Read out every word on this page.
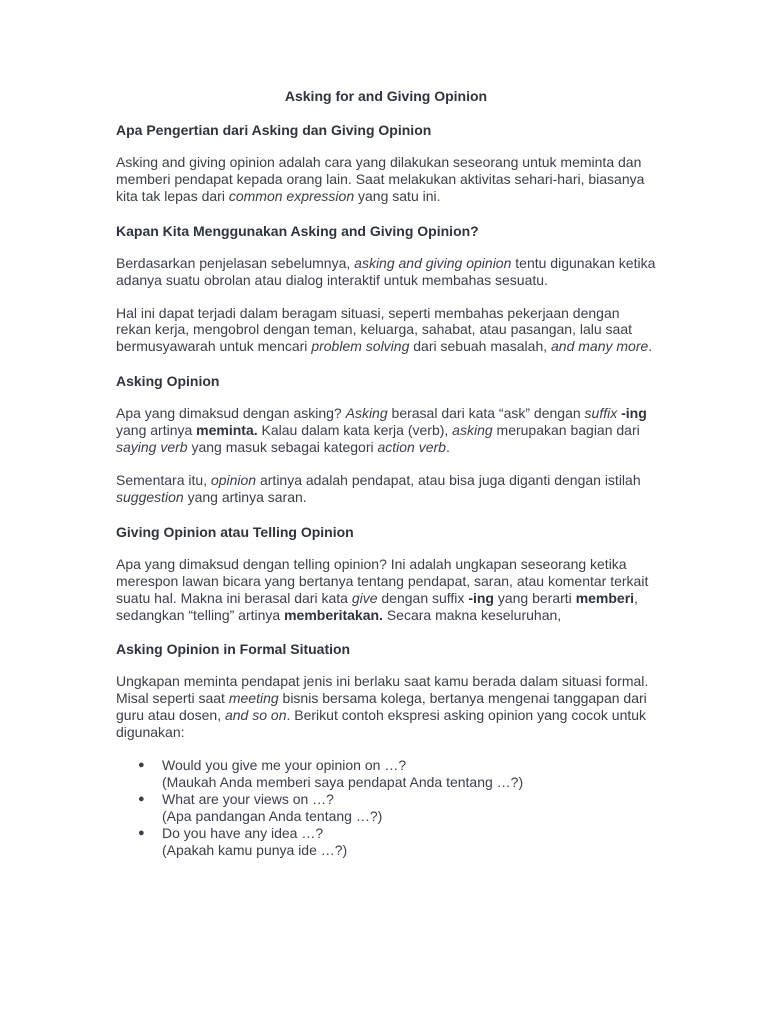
Asking for and Giving Opinion
Apa Pengertian dari Asking dan Giving Opinion

Asking and giving opinion adalah cara yang dilakukan seseorang untuk meminta dan memberi pendapat kepada orang lain. Saat melakukan aktivitas sehari-hari, biasanya kita tak lepas dari common expression yang satu ini.

Kapan Kita Menggunakan Asking and Giving Opinion?

Berdasarkan penjelasan sebelumnya, asking and giving opinion tentu digunakan ketika adanya suatu obrolan atau dialog interaktif untuk membahas sesuatu.

Hal ini dapat terjadi dalam beragam situasi, seperti membahas pekerjaan dengan rekan kerja, mengobrol dengan teman, keluarga, sahabat, atau pasangan, lalu saat bermusyawarah untuk mencari problem solving dari sebuah masalah, and many more.

Asking Opinion

Apa yang dimaksud dengan asking? Asking berasal dari kata “ask” dengan suffix -ing yang artinya meminta. Kalau dalam kata kerja (verb), asking merupakan bagian dari saying verb yang masuk sebagai kategori action verb.

Sementara itu, opinion artinya adalah pendapat, atau bisa juga diganti dengan istilah suggestion yang artinya saran.

Giving Opinion atau Telling Opinion

Apa yang dimaksud dengan telling opinion? Ini adalah ungkapan seseorang ketika merespon lawan bicara yang bertanya tentang pendapat, saran, atau komentar terkait suatu hal. Makna ini berasal dari kata give dengan suffix -ing yang berarti memberi, sedangkan “telling” artinya memberitakan. Secara makna keseluruhan,

Asking Opinion in Formal Situation

Ungkapan meminta pendapat jenis ini berlaku saat kamu berada dalam situasi formal. Misal seperti saat meeting bisnis bersama kolega, bertanya mengenai tanggapan dari guru atau dosen, and so on. Berikut contoh ekspresi asking opinion yang cocok untuk digunakan:

● Would you give me your opinion on …?
(Maukah Anda memberi saya pendapat Anda tentang …?)
● What are your views on …?
(Apa pandangan Anda tentang …?)
● Do you have any idea …?
(Apakah kamu punya ide …?)
